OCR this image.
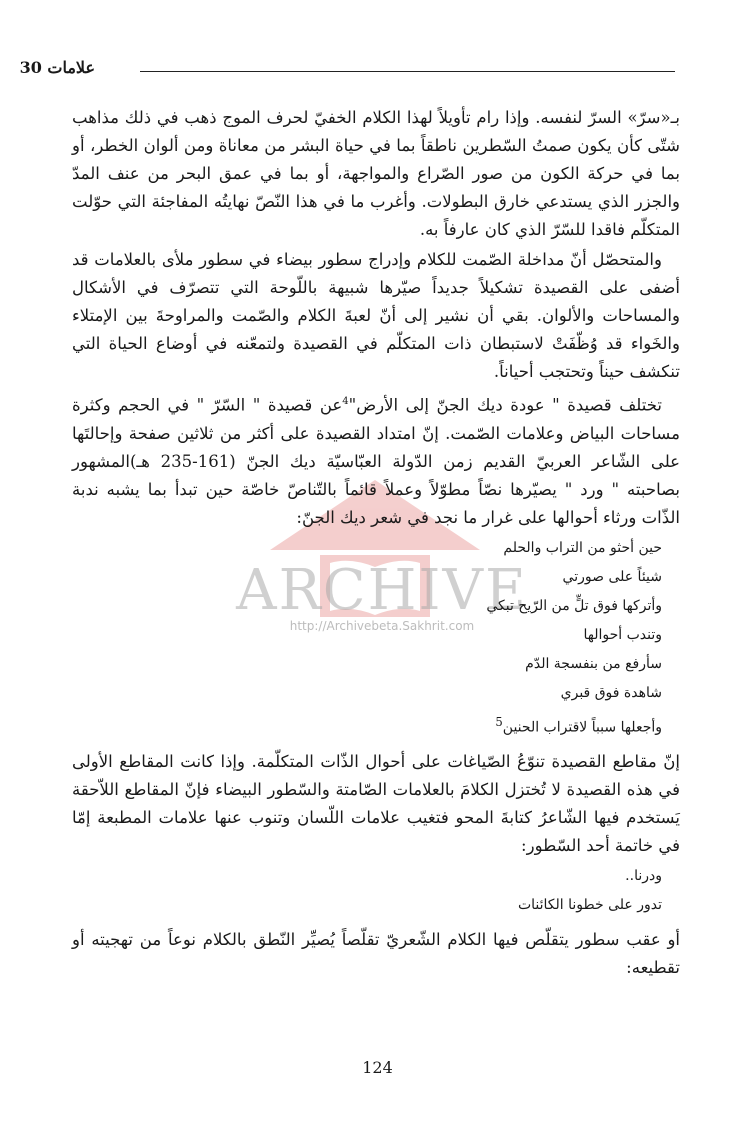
علامات 30
ARCHIVE
http://Archivebeta.Sakhrit.com

بـ«سرّ» السرّ لنفسه. وإذا رام تأويلاً لهذا الكلام الخفيّ لحرف الموج ذهب في ذلك مذاهب شتّى كأن يكون صمتُ السّطرين ناطقاً بما في حياة البشر من معاناة ومن ألوان الخطر، أو بما في حركة الكون من صور الصّراع والمواجهة، أو بما في عمق البحر من عنف المدّ والجزر الذي يستدعي خارق البطولات. وأغرب ما في هذا النّصّ نهايتُه المفاجئة التي حوّلت المتكلّم فاقدا للسّرّ الذي كان عارفاً به.

والمتحصّل أنّ مداخلة الصّمت للكلام وإدراج سطور بيضاء في سطور ملأى بالعلامات قد أضفى على القصيدة تشكيلاً جديداً صيّرها شبيهة باللّوحة التي تتصرّف في الأشكال والمساحات والألوان. بقي أن نشير إلى أنّ لعبةَ الكلام والصّمت والمراوحةَ بين الإمتلاء والخَواء قد وُظّفَتْ لاستبطان ذات المتكلّم في القصيدة ولتمعّنه في أوضاع الحياة التي تنكشف حيناً وتحتجب أحياناً.

تختلف قصيدة " عودة ديك الجنّ إلى الأرض"$^4$عن قصيدة " السّرّ " في الحجم وكثرة مساحات البياض وعلامات الصّمت. إنّ امتداد القصيدة على أكثر من ثلاثين صفحة وإحالتَها على الشّاعر العربيّ القديم زمن الدّولة العبّاسيّة ديك الجنّ (161-235 هـ)المشهور بصاحبته " ورد " يصيّرها نصّاً مطوّلاً وعملاً قائماً بالتّناصّ خاصّة حين تبدأ بما يشبه ندبة الذّات ورثاء أحوالها على غرار ما نجد في شعر ديك الجنّ:

حين أحثو من التراب والحلم
شيئاً على صورتي
وأتركها فوق تلٍّ من الرّيح تبكي
وتندب أحوالها
سأرفع من بنفسجة الدّم
شاهدة فوق قبري
وأجعلها سبباً لاقتراب الحنين$^5$

إنّ مقاطع القصيدة تنوّعُ الصّياغات على أحوال الذّات المتكلّمة. وإذا كانت المقاطع الأولى في هذه القصيدة لا تُختزل الكلامَ بالعلامات الصّامتة والسّطور البيضاء فإنّ المقاطع اللاّحقة يَستخدم فيها الشّاعرُ كتابةَ المحو فتغيب علامات اللّسان وتنوب عنها علامات المطبعة إمّا في خاتمة أحد السّطور:

ودرنا..
تدور على خطونا الكائنات

أو عقب سطور يتقلّص فيها الكلام الشّعريّ تقلّصاً يُصيِّر النّطق بالكلام نوعاً من تهجيته أو تقطيعه:

124
